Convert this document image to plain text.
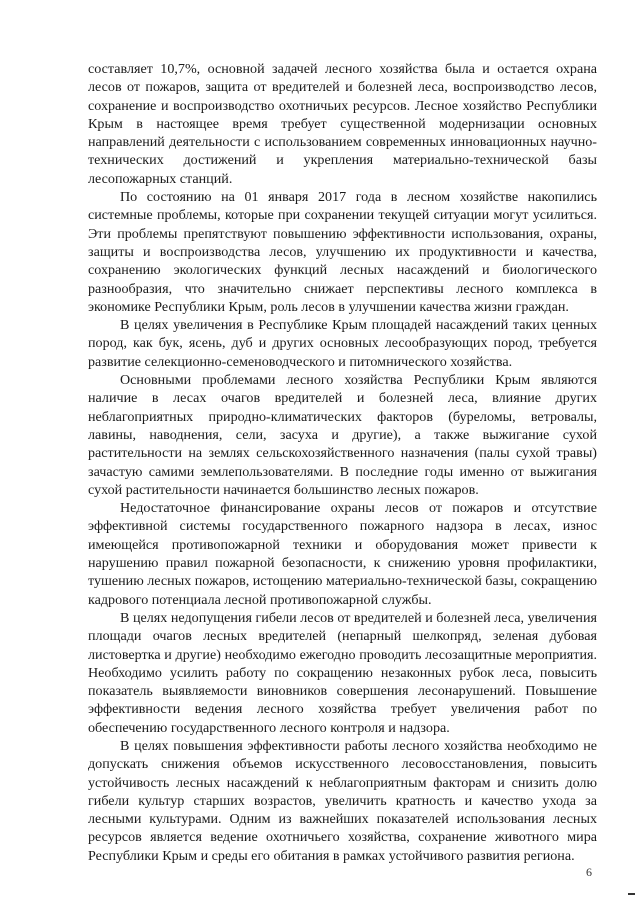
составляет 10,7%, основной задачей лесного хозяйства была и остается охрана лесов от пожаров, защита от вредителей и болезней леса, воспроизводство лесов, сохранение и воспроизводство охотничьих ресурсов. Лесное хозяйство Республики Крым в настоящее время требует существенной модернизации основных направлений деятельности с использованием современных инновационных научно-технических достижений и укрепления материально-технической базы лесопожарных станций.

По состоянию на 01 января 2017 года в лесном хозяйстве накопились системные проблемы, которые при сохранении текущей ситуации могут усилиться. Эти проблемы препятствуют повышению эффективности использования, охраны, защиты и воспроизводства лесов, улучшению их продуктивности и качества, сохранению экологических функций лесных насаждений и биологического разнообразия, что значительно снижает перспективы лесного комплекса в экономике Республики Крым, роль лесов в улучшении качества жизни граждан.

В целях увеличения в Республике Крым площадей насаждений таких ценных пород, как бук, ясень, дуб и других основных лесообразующих пород, требуется развитие селекционно-семеноводческого и питомнического хозяйства.

Основными проблемами лесного хозяйства Республики Крым являются наличие в лесах очагов вредителей и болезней леса, влияние других неблагоприятных природно-климатических факторов (буреломы, ветровалы, лавины, наводнения, сели, засуха и другие), а также выжигание сухой растительности на землях сельскохозяйственного назначения (палы сухой травы) зачастую самими землепользователями. В последние годы именно от выжигания сухой растительности начинается большинство лесных пожаров.

Недостаточное финансирование охраны лесов от пожаров и отсутствие эффективной системы государственного пожарного надзора в лесах, износ имеющейся противопожарной техники и оборудования может привести к нарушению правил пожарной безопасности, к снижению уровня профилактики, тушению лесных пожаров, истощению материально-технической базы, сокращению кадрового потенциала лесной противопожарной службы.

В целях недопущения гибели лесов от вредителей и болезней леса, увеличения площади очагов лесных вредителей (непарный шелкопряд, зеленая дубовая листовертка и другие) необходимо ежегодно проводить лесозащитные мероприятия. Необходимо усилить работу по сокращению незаконных рубок леса, повысить показатель выявляемости виновников совершения лесонарушений. Повышение эффективности ведения лесного хозяйства требует увеличения работ по обеспечению государственного лесного контроля и надзора.

В целях повышения эффективности работы лесного хозяйства необходимо не допускать снижения объемов искусственного лесовосстановления, повысить устойчивость лесных насаждений к неблагоприятным факторам и снизить долю гибели культур старших возрастов, увеличить кратность и качество ухода за лесными культурами. Одним из важнейших показателей использования лесных ресурсов является ведение охотничьего хозяйства, сохранение животного мира Республики Крым и среды его обитания в рамках устойчивого развития региона.

6
